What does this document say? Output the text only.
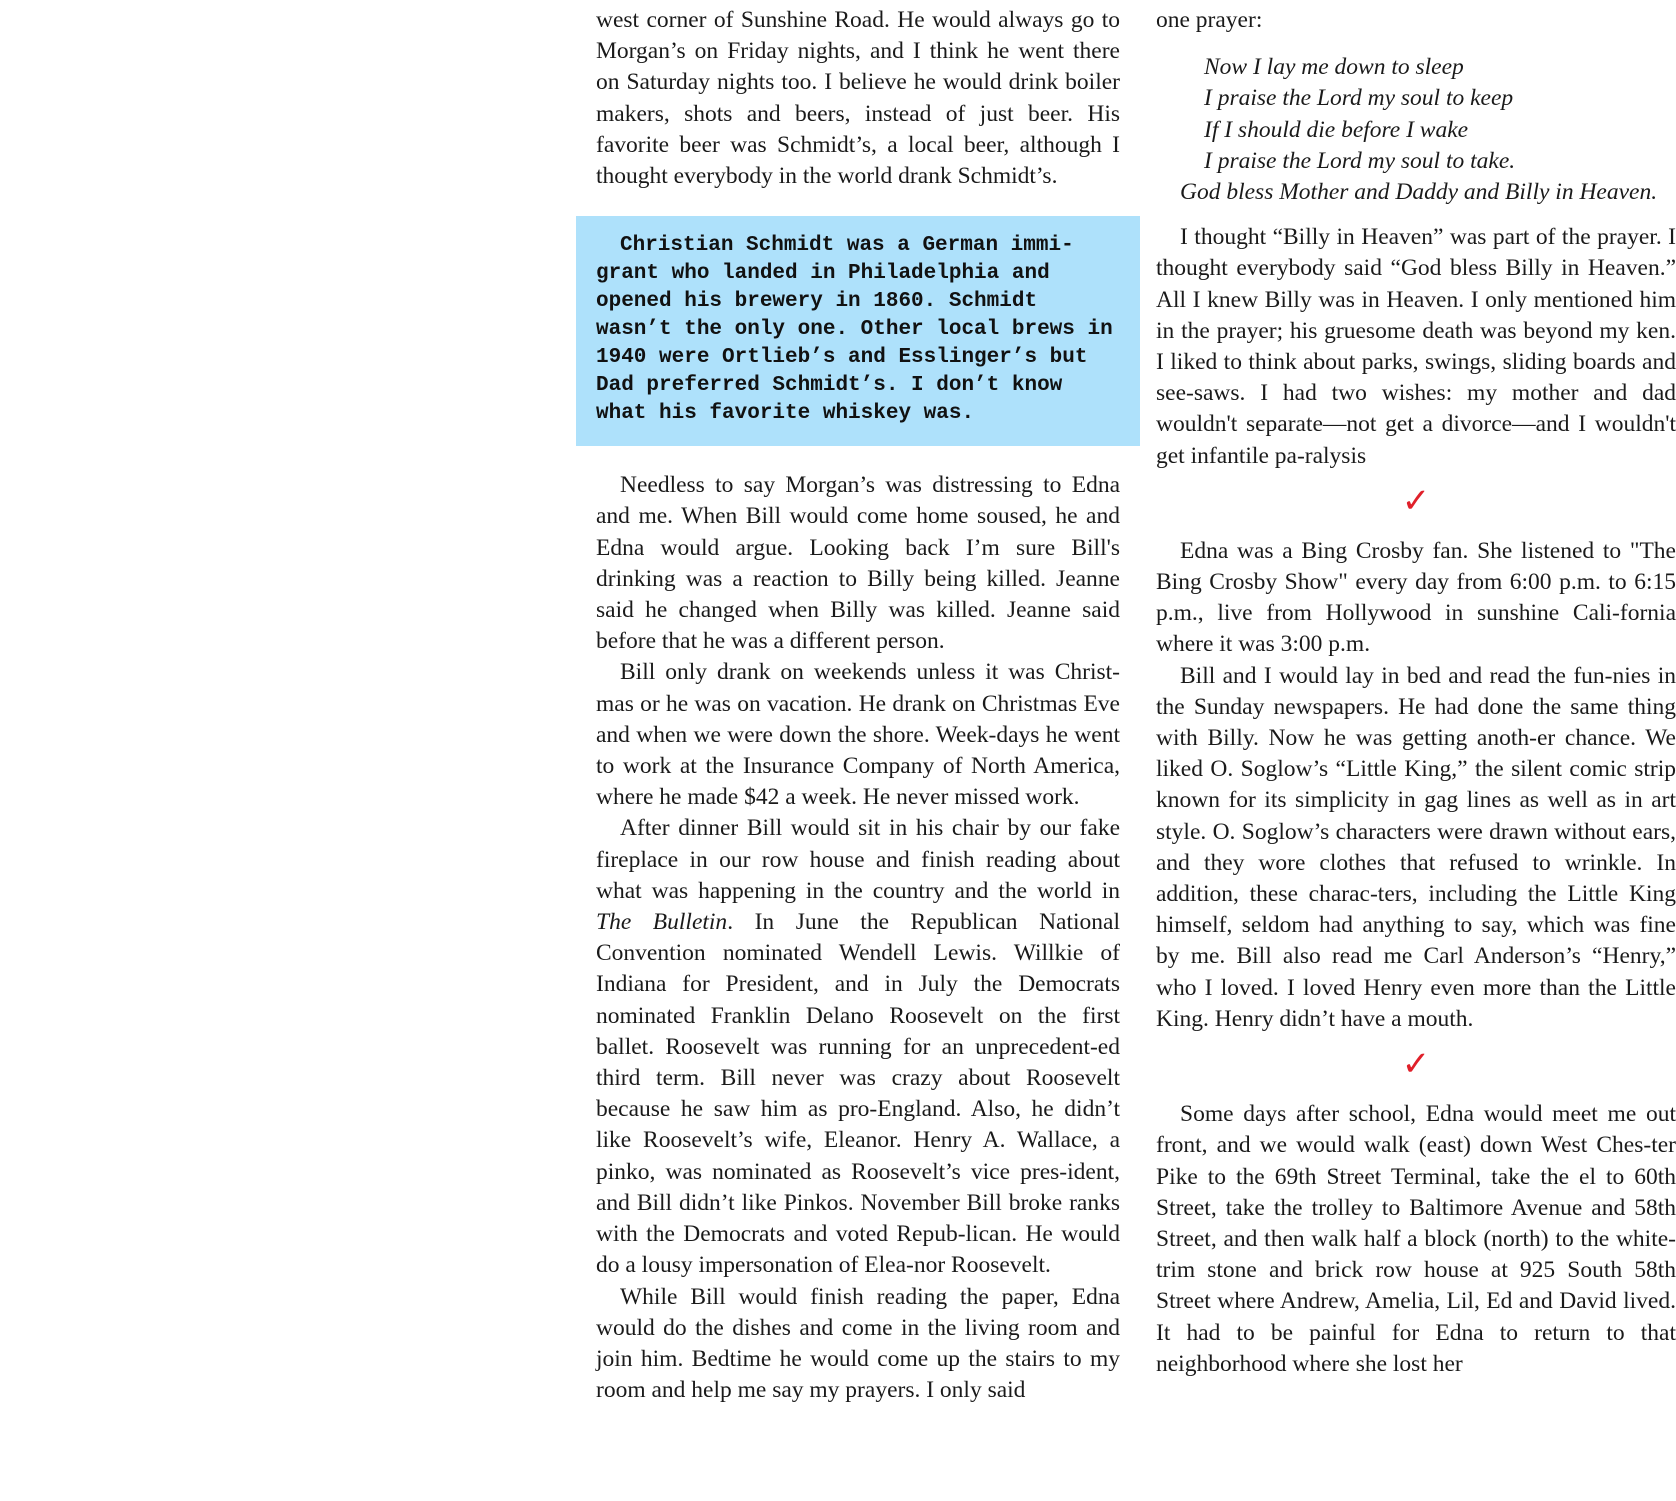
west corner of Sunshine Road. He would always go to Morgan’s on Friday nights, and I think he went there on Saturday nights too. I believe he would drink boiler makers, shots and beers, instead of just beer. His favorite beer was Schmidt’s, a local beer, although I thought everybody in the world drank Schmidt’s.

Christian Schmidt was a German immi-grant who landed in Philadelphia and opened his brewery in 1860. Schmidt wasn’t the only one. Other local brews in 1940 were Ortlieb’s and Esslinger’s but Dad preferred Schmidt’s. I don’t know what his favorite whiskey was.

Needless to say Morgan’s was distressing to Edna and me. When Bill would come home soused, he and Edna would argue. Looking back I’m sure Bill's drinking was a reaction to Billy being killed. Jeanne said he changed when Billy was killed. Jeanne said before that he was a different person.

Bill only drank on weekends unless it was Christ-mas or he was on vacation. He drank on Christmas Eve and when we were down the shore. Week-days he went to work at the Insurance Company of North America, where he made $42 a week. He never missed work.

After dinner Bill would sit in his chair by our fake fireplace in our row house and finish reading about what was happening in the country and the world in The Bulletin. In June the Republican National Convention nominated Wendell Lewis. Willkie of Indiana for President, and in July the Democrats nominated Franklin Delano Roosevelt on the first ballet. Roosevelt was running for an unprecedent-ed third term. Bill never was crazy about Roosevelt because he saw him as pro-England. Also, he didn’t like Roosevelt’s wife, Eleanor. Henry A. Wallace, a pinko, was nominated as Roosevelt’s vice pres-ident, and Bill didn’t like Pinkos. November Bill broke ranks with the Democrats and voted Repub-lican. He would do a lousy impersonation of Elea-nor Roosevelt.

While Bill would finish reading the paper, Edna would do the dishes and come in the living room and join him. Bedtime he would come up the stairs to my room and help me say my prayers. I only said

one prayer:

Now I lay me down to sleep
I praise the Lord my soul to keep
If I should die before I wake
I praise the Lord my soul to take.
God bless Mother and Daddy and Billy in Heaven.

I thought “Billy in Heaven” was part of the prayer. I thought everybody said “God bless Billy in Heaven.” All I knew Billy was in Heaven. I only mentioned him in the prayer; his gruesome death was beyond my ken. I liked to think about parks, swings, sliding boards and see-saws. I had two wishes: my mother and dad wouldn't separate—not get a divorce—and I wouldn't get infantile pa-ralysis

✓

Edna was a Bing Crosby fan. She listened to "The Bing Crosby Show" every day from 6:00 p.m. to 6:15 p.m., live from Hollywood in sunshine Cali-fornia where it was 3:00 p.m.

Bill and I would lay in bed and read the fun-nies in the Sunday newspapers. He had done the same thing with Billy. Now he was getting anoth-er chance. We liked O. Soglow’s “Little King,” the silent comic strip known for its simplicity in gag lines as well as in art style. O. Soglow’s characters were drawn without ears, and they wore clothes that refused to wrinkle. In addition, these charac-ters, including the Little King himself, seldom had anything to say, which was fine by me. Bill also read me Carl Anderson’s “Henry,” who I loved. I loved Henry even more than the Little King. Henry didn’t have a mouth.

✓

Some days after school, Edna would meet me out front, and we would walk (east) down West Ches-ter Pike to the 69th Street Terminal, take the el to 60th Street, take the trolley to Baltimore Avenue and 58th Street, and then walk half a block (north) to the white-trim stone and brick row house at 925 South 58th Street where Andrew, Amelia, Lil, Ed and David lived. It had to be painful for Edna to return to that neighborhood where she lost her
